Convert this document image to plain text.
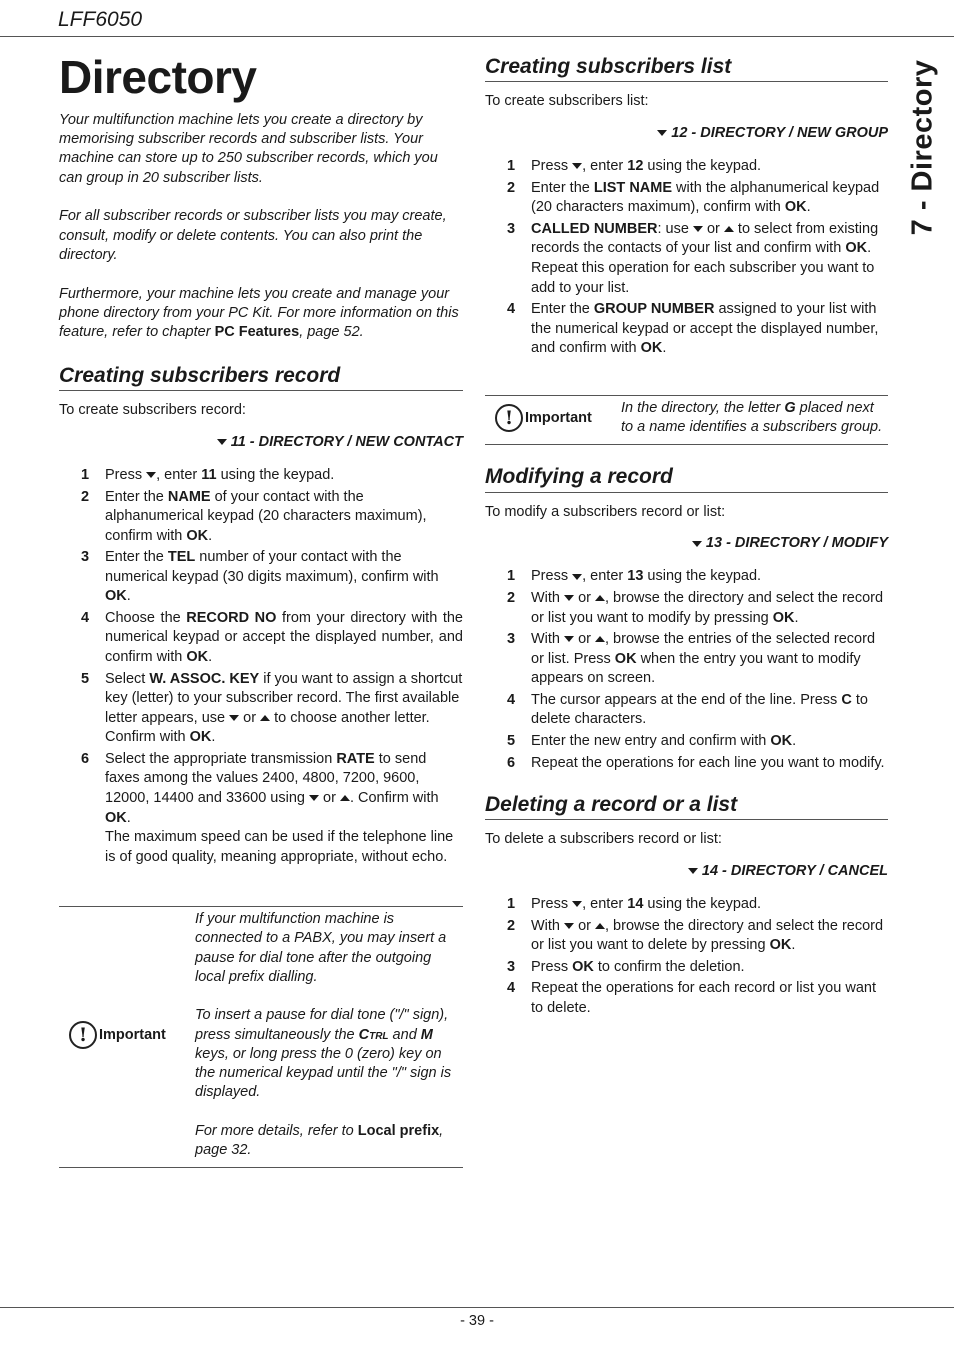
LFF6050
7 - Directory
Directory

Your multifunction machine lets you create a directory by memorising subscriber records and subscriber lists. Your machine can store up to 250 subscriber records, which you can group in 20 subscriber lists.

For all subscriber records or subscriber lists you may create, consult, modify or delete contents. You can also print the directory.

Furthermore, your machine lets you create and manage your phone directory from your PC Kit. For more information on this feature, refer to chapter PC Features, page 52.

Creating subscribers record

To create subscribers record:

11 - DIRECTORY / NEW CONTACT

1	Press , enter 11 using the keypad.
2	Enter the NAME of your contact with the alphanumerical keypad (20 characters maximum), confirm with OK.
3	Enter the TEL number of your contact with the numerical keypad (30 digits maximum), confirm with OK.
4	Choose the RECORD NO from your directory with the numerical keypad or accept the displayed number, and confirm with OK.
5	Select W. ASSOC. KEY if you want to assign a shortcut key (letter) to your subscriber record. The first available letter appears, use  or  to choose another letter. Confirm with OK.
6	Select the appropriate transmission RATE to send faxes among the values 2400, 4800, 7200, 9600, 12000, 14400 and 33600 using  or . Confirm with OK.
The maximum speed can be used if the telephone line is of good quality, meaning appropriate, without echo.
! Important

If your multifunction machine is connected to a PABX, you may insert a pause for dial tone after the outgoing local prefix dialling.

To insert a pause for dial tone ("/" sign), press simultaneously the Ctrl and M keys, or long press the 0 (zero) key on the numerical keypad until the "/" sign is displayed.

For more details, refer to Local prefix, page 32.

Creating subscribers list

To create subscribers list:

12 - DIRECTORY / NEW GROUP

1	Press , enter 12 using the keypad.
2	Enter the LIST NAME with the alphanumerical keypad (20 characters maximum), confirm with OK.
3	CALLED NUMBER: use  or  to select from existing records the contacts of your list and confirm with OK. Repeat this operation for each subscriber you want to add to your list.
4	Enter the GROUP NUMBER assigned to your list with the numerical keypad or accept the displayed number, and confirm with OK.
! Important
In the directory, the letter G placed next to a name identifies a subscribers group.
Modifying a record

To modify a subscribers record or list:

13 - DIRECTORY / MODIFY

1	Press , enter 13 using the keypad.
2	With or , browse the directory and select the record or list you want to modify by pressing OK.
3	With or , browse the entries of the selected record or list. Press OK when the entry you want to modify appears on screen.
4	The cursor appears at the end of the line. Press C to delete characters.
5	Enter the new entry and confirm with OK.
6	Repeat the operations for each line you want to modify.
Deleting a record or a list

To delete a subscribers record or list:

14 - DIRECTORY / CANCEL

1	Press , enter 14 using the keypad.
2	With or , browse the directory and select the record or list you want to delete by pressing OK.
3	Press OK to confirm the deletion.
4	Repeat the operations for each record or list you want to delete.
- 39 -
